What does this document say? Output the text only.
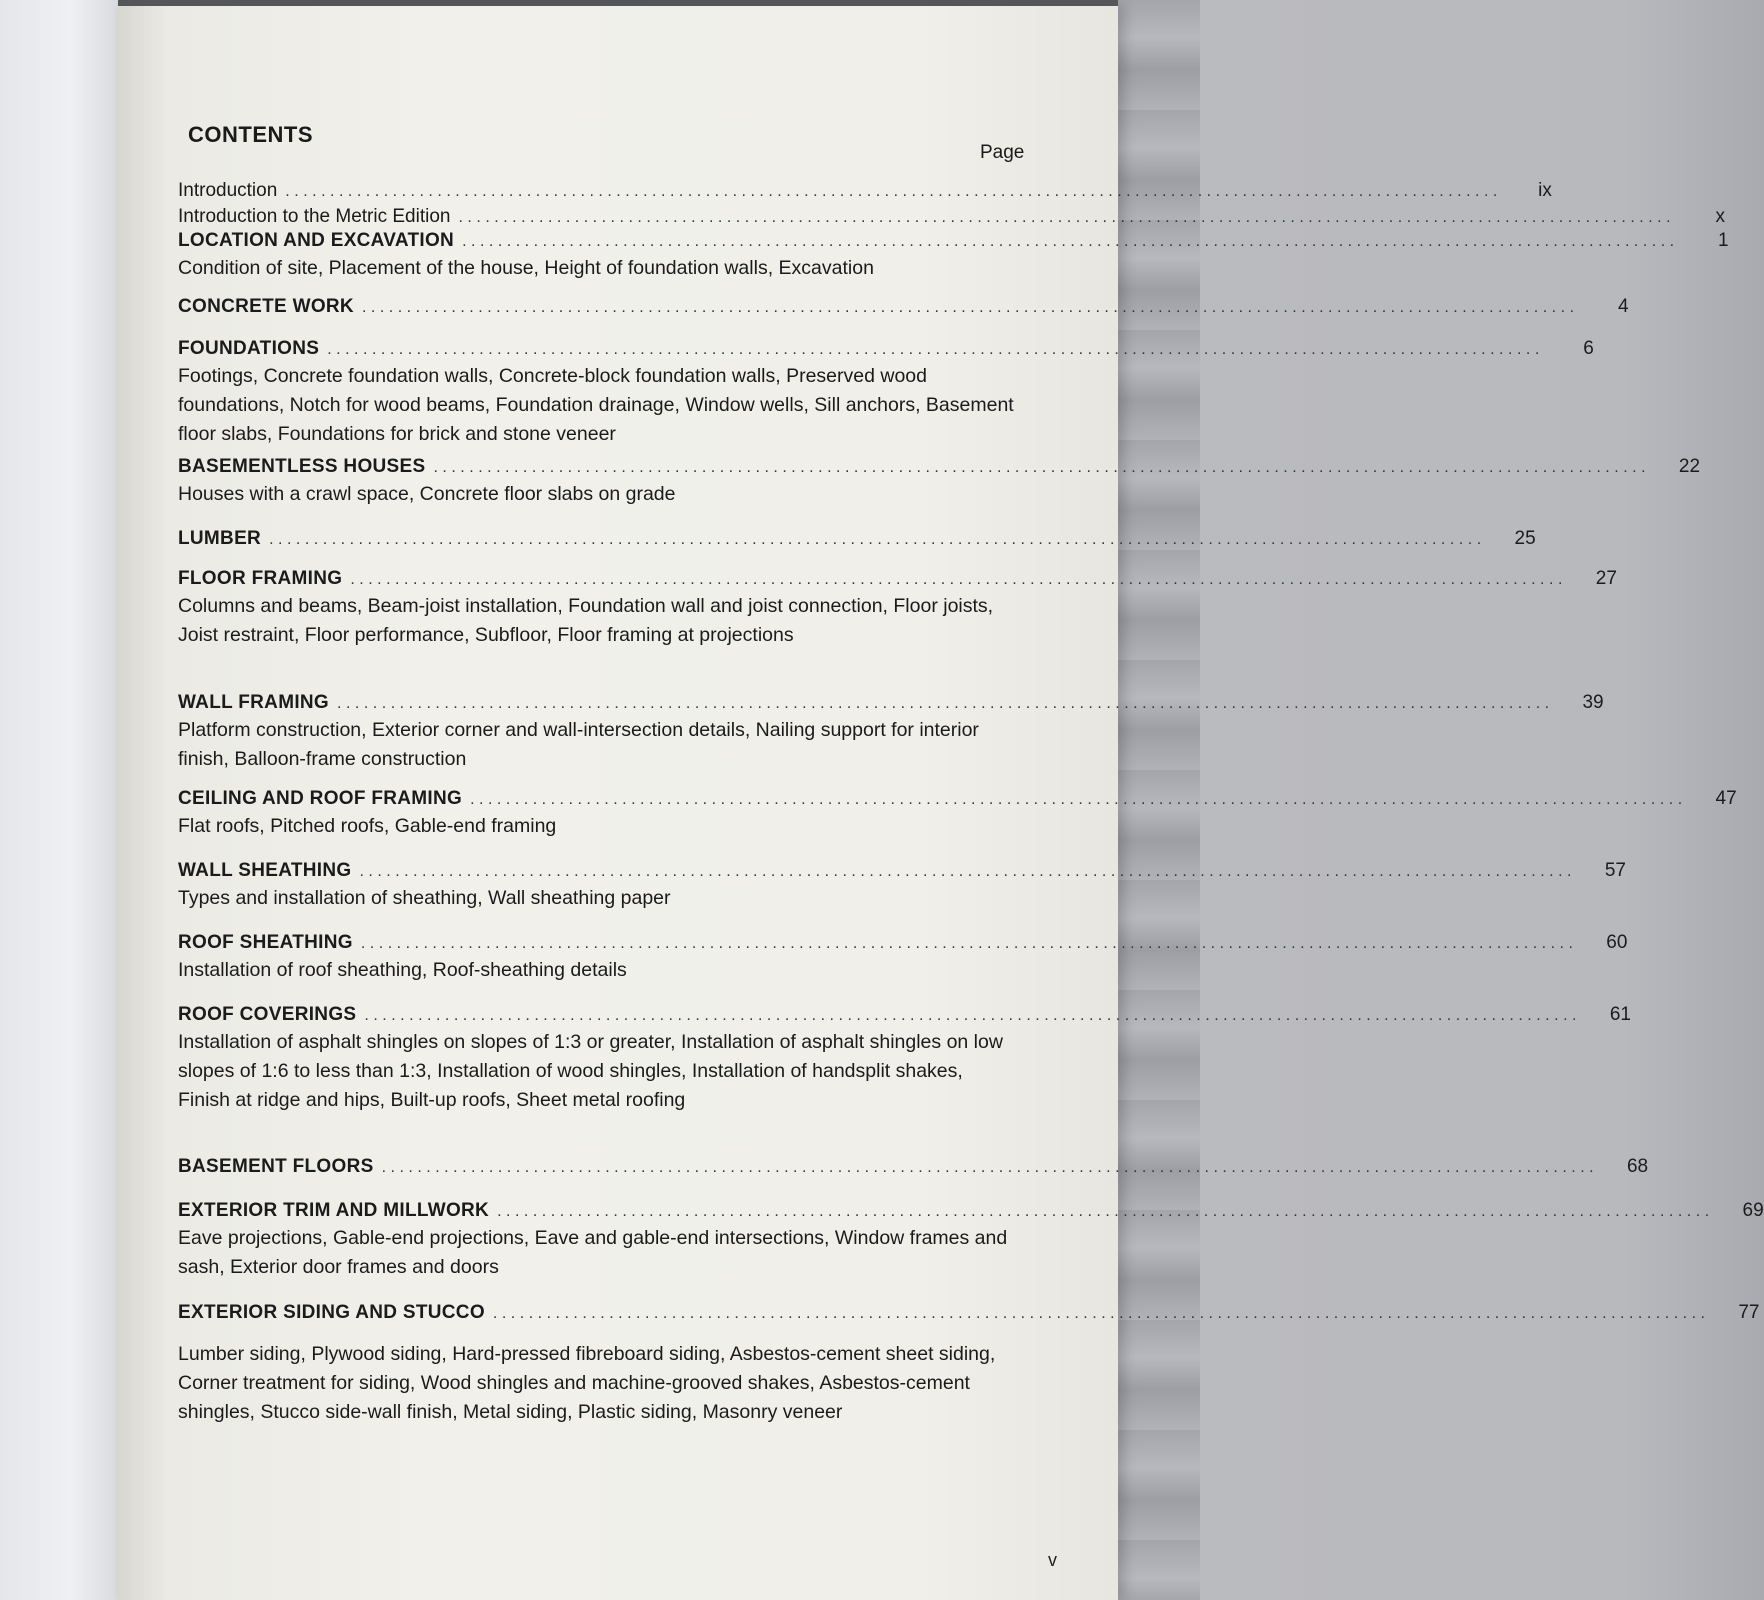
CONTENTS
Page
Introduction ........................................................................................................................................	ix
Introduction to the Metric Edition ........................................................................................................................................	x
LOCATION AND EXCAVATION ........................................................................................................................................	1
Condition of site, Placement of the house, Height of foundation walls, Excavation
CONCRETE WORK ........................................................................................................................................	4
FOUNDATIONS ........................................................................................................................................	6
Footings, Concrete foundation walls, Concrete-block foundation walls, Preserved wood foundations, Notch for wood beams, Foundation drainage, Window wells, Sill anchors, Basement floor slabs, Foundations for brick and stone veneer
BASEMENTLESS HOUSES ........................................................................................................................................	22
Houses with a crawl space, Concrete floor slabs on grade
LUMBER ........................................................................................................................................	25
FLOOR FRAMING ........................................................................................................................................	27
Columns and beams, Beam-joist installation, Foundation wall and joist connection, Floor joists, Joist restraint, Floor performance, Subfloor, Floor framing at projections
WALL FRAMING ........................................................................................................................................	39
Platform construction, Exterior corner and wall-intersection details, Nailing support for interior finish, Balloon-frame construction
CEILING AND ROOF FRAMING ........................................................................................................................................	47
Flat roofs, Pitched roofs, Gable-end framing
WALL SHEATHING ........................................................................................................................................	57
Types and installation of sheathing, Wall sheathing paper
ROOF SHEATHING ........................................................................................................................................	60
Installation of roof sheathing, Roof-sheathing details
ROOF COVERINGS ........................................................................................................................................	61
Installation of asphalt shingles on slopes of 1:3 or greater, Installation of asphalt shingles on low slopes of 1:6 to less than 1:3, Installation of wood shingles, Installation of handsplit shakes, Finish at ridge and hips, Built-up roofs, Sheet metal roofing
BASEMENT FLOORS ........................................................................................................................................	68
EXTERIOR TRIM AND MILLWORK ........................................................................................................................................	69
Eave projections, Gable-end projections, Eave and gable-end intersections, Window frames and sash, Exterior door frames and doors
EXTERIOR SIDING AND STUCCO ........................................................................................................................................	77
Lumber siding, Plywood siding, Hard-pressed fibreboard siding, Asbestos-cement sheet siding, Corner treatment for siding, Wood shingles and machine-grooved shakes, Asbestos-cement shingles, Stucco side-wall finish, Metal siding, Plastic siding, Masonry veneer
v
